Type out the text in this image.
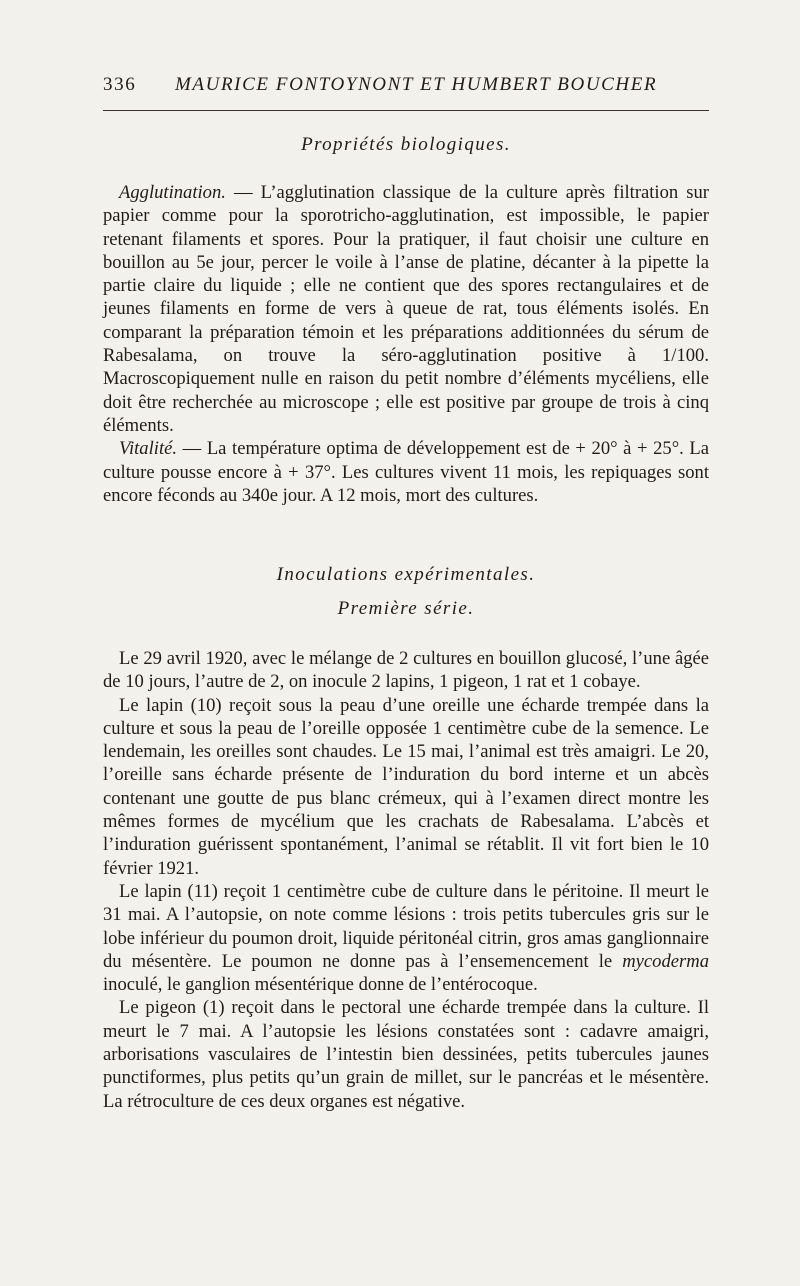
336 MAURICE FONTOYNONT ET HUMBERT BOUCHER
Propriétés biologiques.

Agglutination. — L’agglutination classique de la culture après filtration sur papier comme pour la sporotricho-agglutination, est impossible, le papier retenant filaments et spores. Pour la pratiquer, il faut choisir une culture en bouillon au 5e jour, percer le voile à l’anse de platine, décanter à la pipette la partie claire du liquide ; elle ne contient que des spores rectangulaires et de jeunes filaments en forme de vers à queue de rat, tous éléments isolés. En comparant la préparation témoin et les préparations additionnées du sérum de Rabesalama, on trouve la séro-agglutination positive à 1/100. Macroscopiquement nulle en raison du petit nombre d’éléments mycéliens, elle doit être recherchée au microscope ; elle est positive par groupe de trois à cinq éléments.

Vitalité. — La température optima de développement est de + 20° à + 25°. La culture pousse encore à + 37°. Les cultures vivent 11 mois, les repiquages sont encore féconds au 340e jour. A 12 mois, mort des cultures.

Inoculations expérimentales.
Première série.

Le 29 avril 1920, avec le mélange de 2 cultures en bouillon glucosé, l’une âgée de 10 jours, l’autre de 2, on inocule 2 lapins, 1 pigeon, 1 rat et 1 cobaye.

Le lapin (10) reçoit sous la peau d’une oreille une écharde trempée dans la culture et sous la peau de l’oreille opposée 1 centimètre cube de la semence. Le lendemain, les oreilles sont chaudes. Le 15 mai, l’animal est très amaigri. Le 20, l’oreille sans écharde présente de l’induration du bord interne et un abcès contenant une goutte de pus blanc crémeux, qui à l’examen direct montre les mêmes formes de mycélium que les crachats de Rabesalama. L’abcès et l’induration guérissent spontanément, l’animal se rétablit. Il vit fort bien le 10 février 1921.

Le lapin (11) reçoit 1 centimètre cube de culture dans le péritoine. Il meurt le 31 mai. A l’autopsie, on note comme lésions : trois petits tubercules gris sur le lobe inférieur du poumon droit, liquide péritonéal citrin, gros amas ganglionnaire du mésentère. Le poumon ne donne pas à l’ensemencement le mycoderma inoculé, le ganglion mésentérique donne de l’entérocoque.

Le pigeon (1) reçoit dans le pectoral une écharde trempée dans la culture. Il meurt le 7 mai. A l’autopsie les lésions constatées sont : cadavre amaigri, arborisations vasculaires de l’intestin bien dessinées, petits tubercules jaunes punctiformes, plus petits qu’un grain de millet, sur le pancréas et le mésentère. La rétroculture de ces deux organes est négative.
